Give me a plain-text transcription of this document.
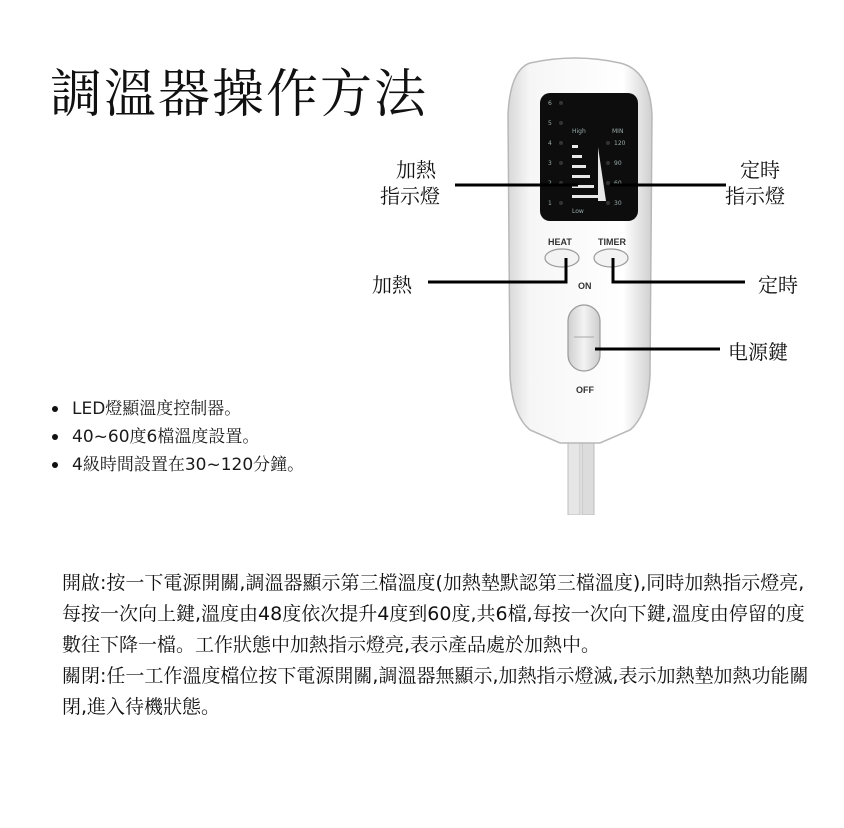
調溫器操作方法	6
5
4
3
2
1
High
Low
MIN
120
90
60
30
HEAT	TIMER
ON
OFF
加熱
指示燈
定時
指示燈
加熱	定時
电源鍵
LED燈顯溫度控制器。
40~60度6檔溫度設置。
4級時間設置在30~120分鐘。

開啟:按一下電源開關,調溫器顯示第三檔溫度(加熱墊默認第三檔溫度),同時加熱指示燈亮,每按一次向上鍵,溫度由48度依次提升4度到60度,共6檔,每按一次向下鍵,溫度由停留的度數往下降一檔。工作狀態中加熱指示燈亮,表示產品處於加熱中。

關閉:任一工作溫度檔位按下電源開關,調溫器無顯示,加熱指示燈滅,表示加熱墊加熱功能關閉,進入待機狀態。
